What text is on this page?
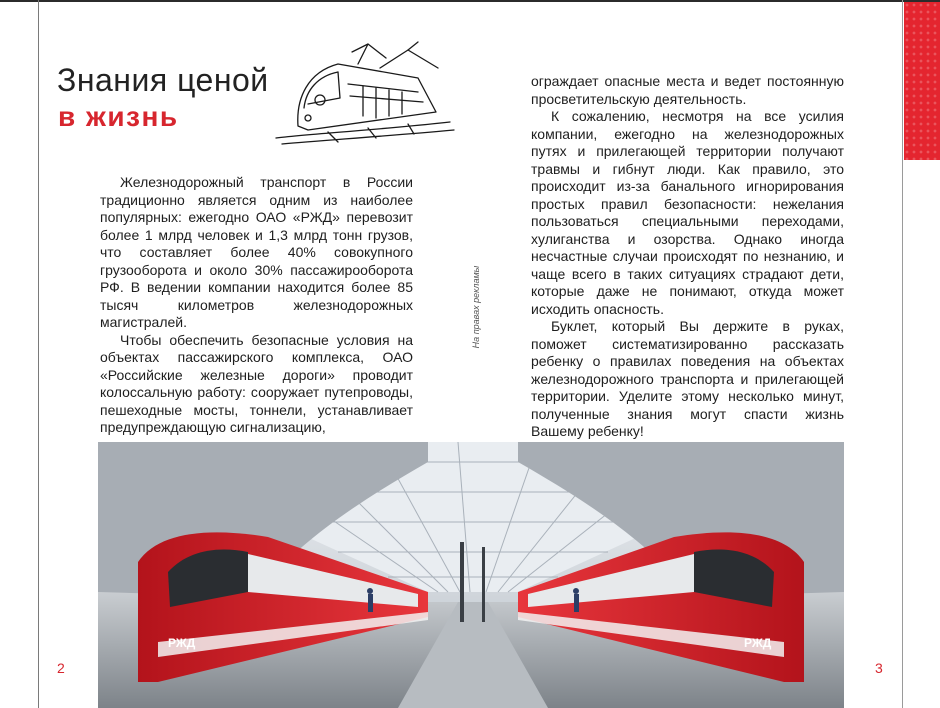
Знания ценой
в жизнь

Железнодорожный транспорт в России традиционно является одним из наиболее популярных: ежегодно ОАО «РЖД» перевозит более 1 млрд человек и 1,3 млрд тонн грузов, что составляет более 40% совокупного грузооборота и около 30% пассажирооборота РФ. В ведении компании находится более 85 тысяч километров железнодорожных магистралей.

Чтобы обеспечить безопасные условия на объектах пассажирского комплекса, ОАО «Российские железные дороги» проводит колоссальную работу: сооружает путепроводы, пешеходные мосты, тоннели, устанавливает предупреждающую сигнализацию,

На правах рекламы

ограждает опасные места и ведет постоянную просветительскую деятельность.

К сожалению, несмотря на все усилия компании, ежегодно на железнодорожных путях и прилегающей территории получают травмы и гибнут люди. Как правило, это происходит из-за банального игнорирования простых правил безопасности: нежелания пользоваться специальными переходами, хулиганства и озорства. Однако иногда несчастные случаи происходят по незнанию, и чаще всего в таких ситуациях страдают дети, которые даже не понимают, откуда может исходить опасность.

Буклет, который Вы держите в руках, поможет систематизированно рассказать ребенку о правилах поведения на объектах железнодорожного транспорта и прилегающей территории. Уделите этому несколько минут, полученные знания могут спасти жизнь Вашему ребенку!

РЖД	РЖД
2	3
